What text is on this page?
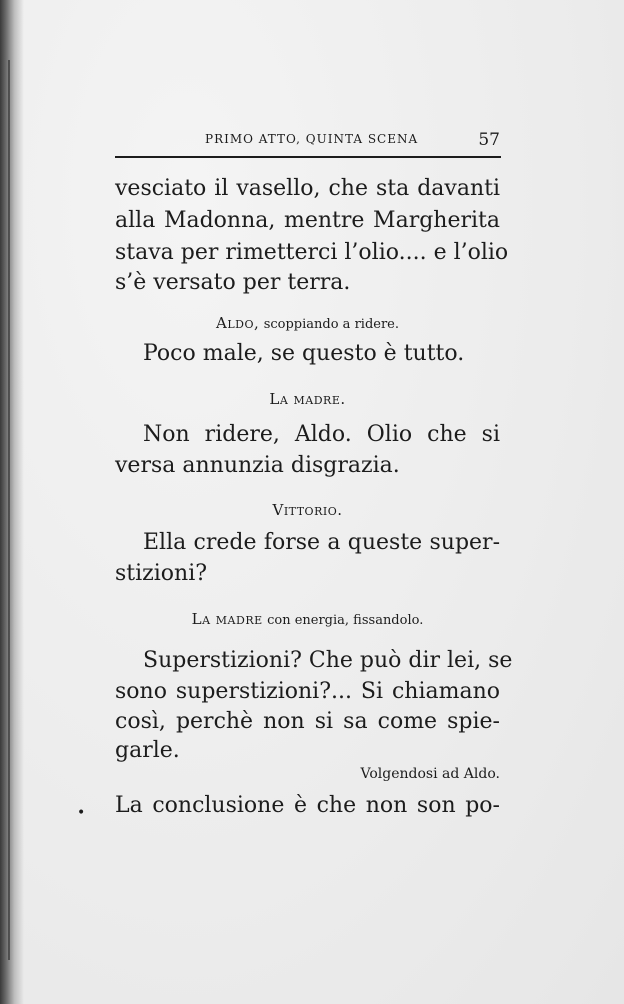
PRIMO ATTO, QUINTA SCENA	57
vesciato il vasello, che sta davanti
alla Madonna, mentre Margherita
stava per rimetterci l’olio.... e l’olio
s’è versato per terra.
Aldo, scoppiando a ridere.
Poco male, se questo è tutto.
La madre.
Non ridere, Aldo. Olio che si
versa annunzia disgrazia.
Vittorio.
Ella crede forse a queste super-
stizioni?
La madre con energia, fissandolo.
Superstizioni? Che può dir lei, se
sono superstizioni?... Si chiamano
così, perchè non si sa come spie-
garle.
Volgendosi ad Aldo.
• La conclusione è che non son po-
